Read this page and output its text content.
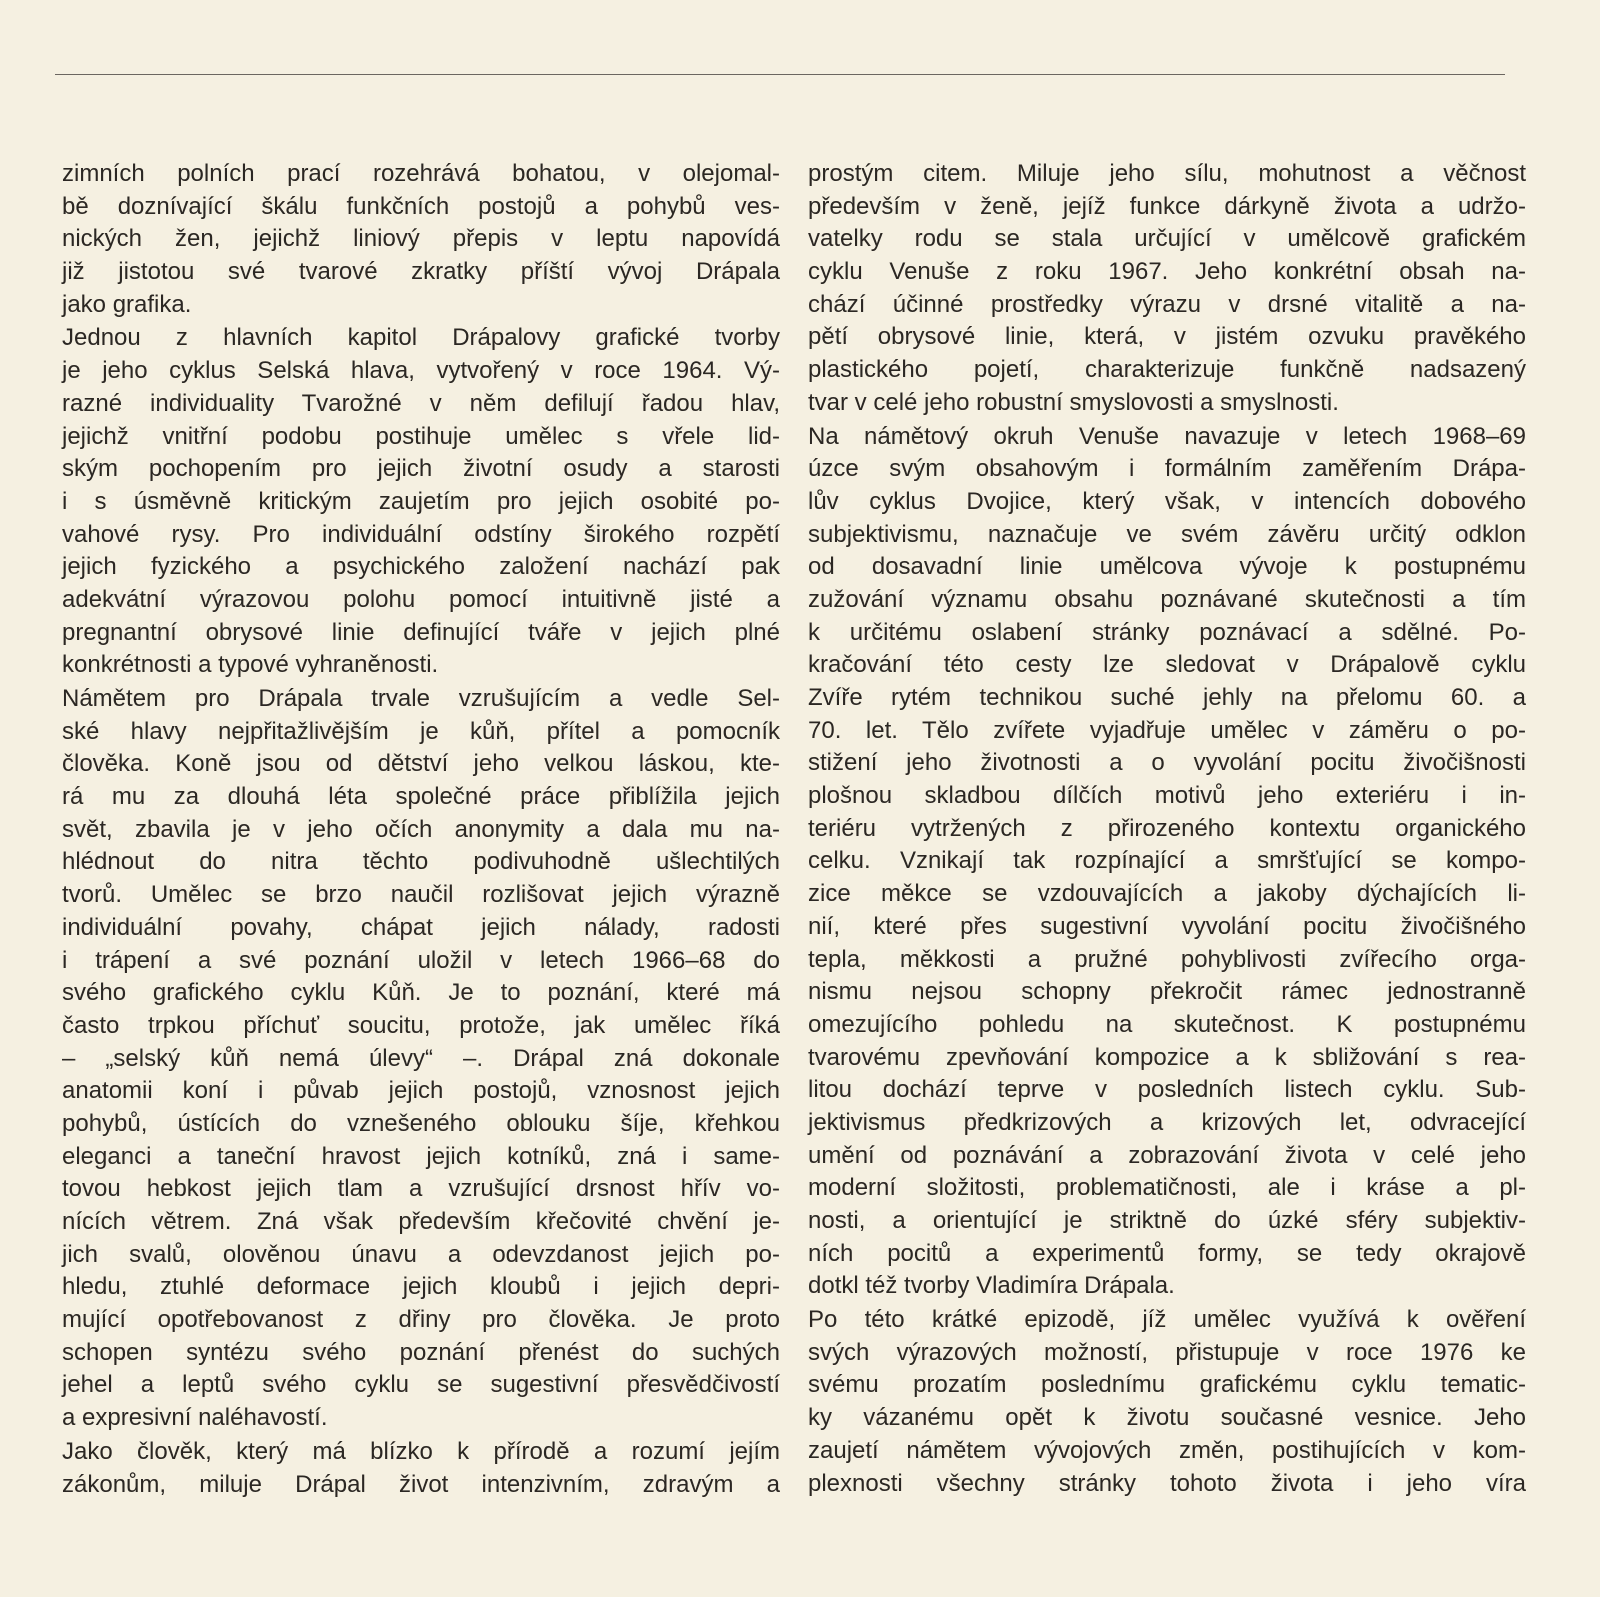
zimních polních prací rozehrává bohatou, v olejomal-
bě doznívající škálu funkčních postojů a pohybů ves-
nických žen, jejichž liniový přepis v leptu napovídá
již jistotou své tvarové zkratky příští vývoj Drápala
jako grafika.
Jednou z hlavních kapitol Drápalovy grafické tvorby
je jeho cyklus Selská hlava, vytvořený v roce 1964. Vý-
razné individuality Tvarožné v něm defilují řadou hlav,
jejichž vnitřní podobu postihuje umělec s vřele lid-
ským pochopením pro jejich životní osudy a starosti
i s úsměvně kritickým zaujetím pro jejich osobité po-
vahové rysy. Pro individuální odstíny širokého rozpětí
jejich fyzického a psychického založení nachází pak
adekvátní výrazovou polohu pomocí intuitivně jisté a
pregnantní obrysové linie definující tváře v jejich plné
konkrétnosti a typové vyhraněnosti.
Námětem pro Drápala trvale vzrušujícím a vedle Sel-
ské hlavy nejpřitažlivějším je kůň, přítel a pomocník
člověka. Koně jsou od dětství jeho velkou láskou, kte-
rá mu za dlouhá léta společné práce přiblížila jejich
svět, zbavila je v jeho očích anonymity a dala mu na-
hlédnout do nitra těchto podivuhodně ušlechtilých
tvorů. Umělec se brzo naučil rozlišovat jejich výrazně
individuální povahy, chápat jejich nálady, radosti
i trápení a své poznání uložil v letech 1966–68 do
svého grafického cyklu Kůň. Je to poznání, které má
často trpkou příchuť soucitu, protože, jak umělec říká
– „selský kůň nemá úlevy“ –. Drápal zná dokonale
anatomii koní i půvab jejich postojů, vznosnost jejich
pohybů, ústících do vznešeného oblouku šíje, křehkou
eleganci a taneční hravost jejich kotníků, zná i same-
tovou hebkost jejich tlam a vzrušující drsnost hřív vo-
nících větrem. Zná však především křečovité chvění je-
jich svalů, olověnou únavu a odevzdanost jejich po-
hledu, ztuhlé deformace jejich kloubů i jejich depri-
mující opotřebovanost z dřiny pro člověka. Je proto
schopen syntézu svého poznání přenést do suchých
jehel a leptů svého cyklu se sugestivní přesvědčivostí
a expresivní naléhavostí.
Jako člověk, který má blízko k přírodě a rozumí jejím
zákonům, miluje Drápal život intenzivním, zdravým a
prostým citem. Miluje jeho sílu, mohutnost a věčnost
především v ženě, jejíž funkce dárkyně života a udržo-
vatelky rodu se stala určující v umělcově grafickém
cyklu Venuše z roku 1967. Jeho konkrétní obsah na-
chází účinné prostředky výrazu v drsné vitalitě a na-
pětí obrysové linie, která, v jistém ozvuku pravěkého
plastického pojetí, charakterizuje funkčně nadsazený
tvar v celé jeho robustní smyslovosti a smyslnosti.
Na námětový okruh Venuše navazuje v letech 1968–69
úzce svým obsahovým i formálním zaměřením Drápa-
lův cyklus Dvojice, který však, v intencích dobového
subjektivismu, naznačuje ve svém závěru určitý odklon
od dosavadní linie umělcova vývoje k postupnému
zužování významu obsahu poznávané skutečnosti a tím
k určitému oslabení stránky poznávací a sdělné. Po-
kračování této cesty lze sledovat v Drápalově cyklu
Zvíře rytém technikou suché jehly na přelomu 60. a
70. let. Tělo zvířete vyjadřuje umělec v záměru o po-
stižení jeho životnosti a o vyvolání pocitu živočišnosti
plošnou skladbou dílčích motivů jeho exteriéru i in-
teriéru vytržených z přirozeného kontextu organického
celku. Vznikají tak rozpínající a smršťující se kompo-
zice měkce se vzdouvajících a jakoby dýchajících li-
nií, které přes sugestivní vyvolání pocitu živočišného
tepla, měkkosti a pružné pohyblivosti zvířecího orga-
nismu nejsou schopny překročit rámec jednostranně
omezujícího pohledu na skutečnost. K postupnému
tvarovému zpevňování kompozice a k sbližování s rea-
litou dochází teprve v posledních listech cyklu. Sub-
jektivismus předkrizových a krizových let, odvracející
umění od poznávání a zobrazování života v celé jeho
moderní složitosti, problematičnosti, ale i kráse a pl-
nosti, a orientující je striktně do úzké sféry subjektiv-
ních pocitů a experimentů formy, se tedy okrajově
dotkl též tvorby Vladimíra Drápala.
Po této krátké epizodě, jíž umělec využívá k ověření
svých výrazových možností, přistupuje v roce 1976 ke
svému prozatím poslednímu grafickému cyklu tematic-
ky vázanému opět k životu současné vesnice. Jeho
zaujetí námětem vývojových změn, postihujících v kom-
plexnosti všechny stránky tohoto života i jeho víra
